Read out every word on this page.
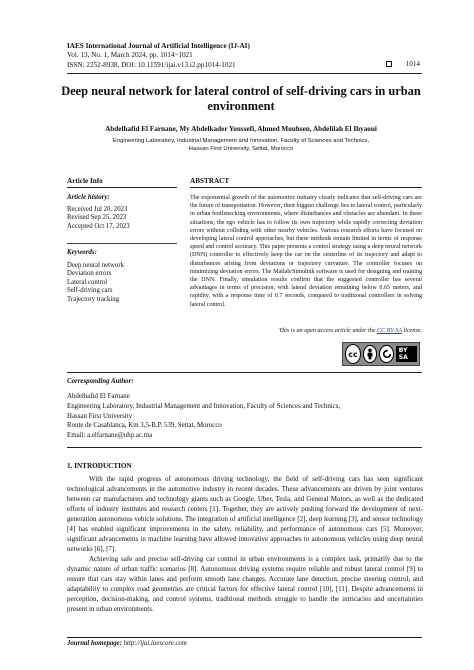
IAES International Journal of Artificial Intelligence (IJ-AI)
Vol. 13, No. 1, March 2024, pp. 1014~1021
ISSN: 2252-8938, DOI: 10.11591/ijai.v13.i2.pp1014-1021	1014
Deep neural network for lateral control of self-driving cars in urban environment
Abdelhafid El Farnane, My Abdelkader Youssefi, Ahmed Mouhsen, Abdelilah El Ihyaoui
Engineering Laboratory, Industrial Management and Innovation, Faculty of Sciences and Technics,
Hassan First University, Settat, Morocco
Article Info
Article history:
Received Jul 20, 2023
Revised Sep 25, 2023
Accepted Oct 17, 2023
Keywords:
Deep neural network
Deviation errors
Lateral control
Self-driving cars
Trajectory tracking
ABSTRACT
The exponential growth of the automotive industry clearly indicates that self-driving cars are the future of transportation. However, their biggest challenge lies in lateral control, particularly in urban bottlenecking environments, where disturbances and obstacles are abundant. In these situations, the ego vehicle has to follow its own trajectory while rapidly correcting deviation errors without colliding with other nearby vehicles. Various research efforts have focused on developing lateral control approaches, but these methods remain limited in terms of response speed and control accuracy. This paper presents a control strategy using a deep neural network (DNN) controller to effectively keep the car on the centerline of its trajectory and adapt to disturbances arising from deviations or trajectory curvature. The controller focuses on minimizing deviation errors. The Matlab/Simulink software is used for designing and training the DNN. Finally, simulation results confirm that the suggested controller has several advantages in terms of precision, with lateral deviation remaining below 0.65 meters, and rapidity, with a response time of 0.7 seconds, compared to traditional controllers in solving lateral control.
This is an open access article under the CC BY-SA license.
cc	BY SA
Corresponding Author:
Abdelhafid El Farnane
Engineering Laboratory, Industrial Management and Innovation, Faculty of Sciences and Technics,
Hassan First University
Route de Casablanca, Km 3,5-B.P. 539. Settat, Morocco
Email: a.elfarnane@uhp.ac.ma
1. INTRODUCTION
With the rapid progress of autonomous driving technology, the field of self-driving cars has seen significant technological advancements in the automotive industry in recent decades. These advancements are driven by joint ventures between car manufacturers and technology giants such as Google, Uber, Tesla, and General Motors, as well as the dedicated efforts of industry institutes and research centers [1]. Together, they are actively pushing forward the development of next-generation autonomous vehicle solutions. The integration of artificial intelligence [2], deep learning [3], and sensor technology [4] has enabled significant improvements in the safety, reliability, and performance of autonomous cars [5]. Moreover, significant advancements in machine learning have allowed innovative approaches to autonomous vehicles using deep neural networks [6], [7].
Achieving safe and precise self-driving car control in urban environments is a complex task, primarily due to the dynamic nature of urban traffic scenarios [8]. Autonomous driving systems require reliable and robust lateral control [9] to ensure that cars stay within lanes and perform smooth lane changes. Accurate lane detection, precise steering control, and adaptability to complex road geometries are critical factors for effective lateral control [10], [11]. Despite advancements in perception, decision-making, and control systems, traditional methods struggle to handle the intricacies and uncertainties present in urban environments.
Journal homepage: http://ijai.iaescore.com
